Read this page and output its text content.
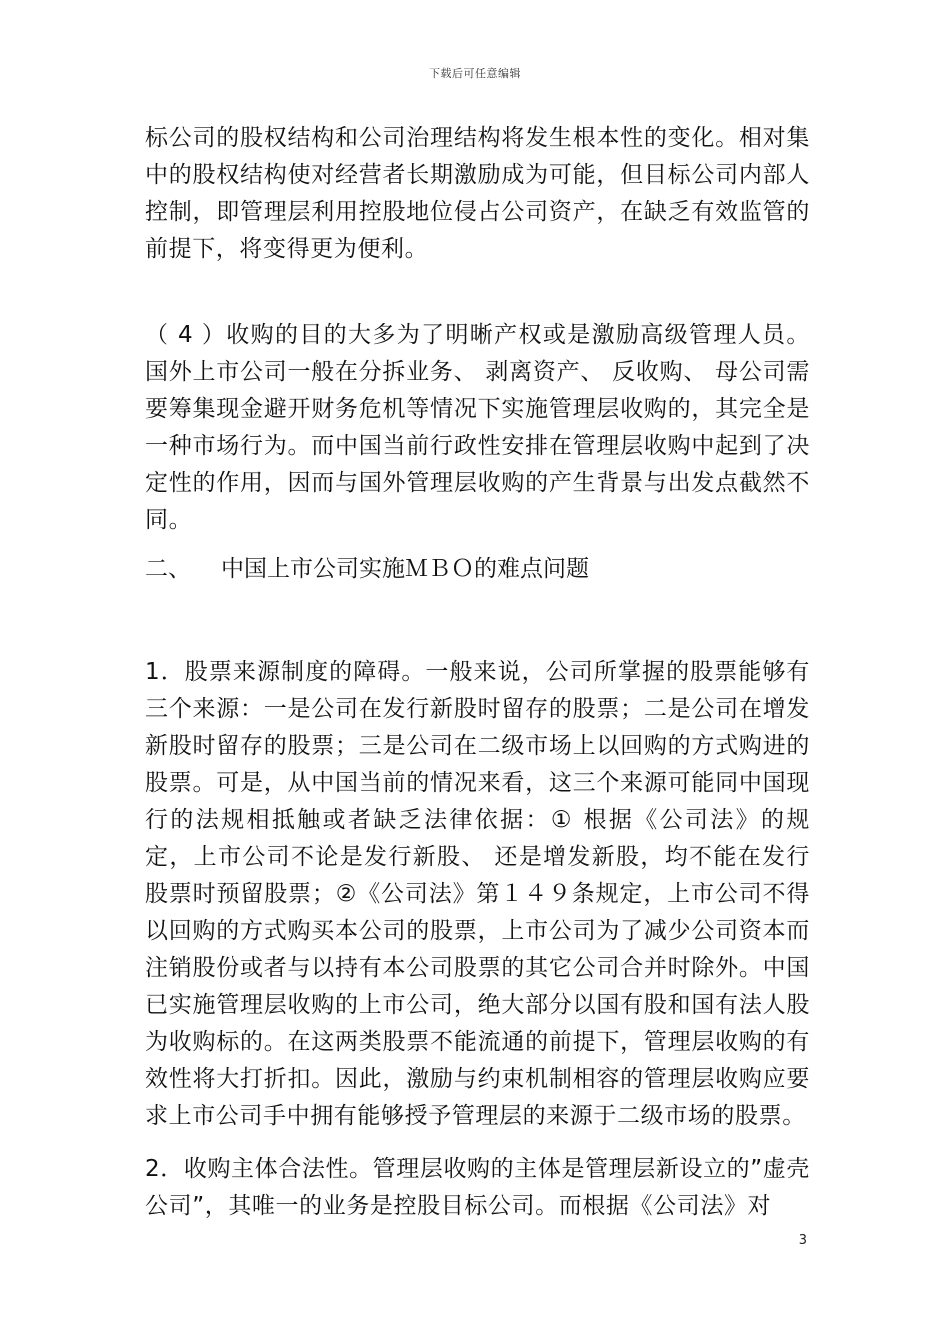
下载后可任意编辑

标公司的股权结构和公司治理结构将发生根本性的变化。相对集中的股权结构使对经营者长期激励成为可能，但目标公司内部人控制，即管理层利用控股地位侵占公司资产，在缺乏有效监管的前提下，将变得更为便利。

（ 4 ）收购的目的大多为了明晰产权或是激励高级管理人员。国外上市公司一般在分拆业务、 剥离资产、 反收购、 母公司需要筹集现金避开财务危机等情况下实施管理层收购的，其完全是一种市场行为。而中国当前行政性安排在管理层收购中起到了决定性的作用，因而与国外管理层收购的产生背景与出发点截然不同。

二、 中国上市公司实施ＭＢＯ的难点问题

1．股票来源制度的障碍。一般来说，公司所掌握的股票能够有三个来源：一是公司在发行新股时留存的股票；二是公司在增发新股时留存的股票；三是公司在二级市场上以回购的方式购进的股票。可是，从中国当前的情况来看，这三个来源可能同中国现行的法规相抵触或者缺乏法律依据：① 根据《公司法》的规定，上市公司不论是发行新股、 还是增发新股，均不能在发行股票时预留股票；②《公司法》第１４９条规定，上市公司不得以回购的方式购买本公司的股票，上市公司为了减少公司资本而注销股份或者与以持有本公司股票的其它公司合并时除外。中国已实施管理层收购的上市公司，绝大部分以国有股和国有法人股为收购标的。在这两类股票不能流通的前提下，管理层收购的有效性将大打折扣。因此，激励与约束机制相容的管理层收购应要求上市公司手中拥有能够授予管理层的来源于二级市场的股票。

2．收购主体合法性。管理层收购的主体是管理层新设立的”虚壳公司”，其唯一的业务是控股目标公司。而根据《公司法》对

3
